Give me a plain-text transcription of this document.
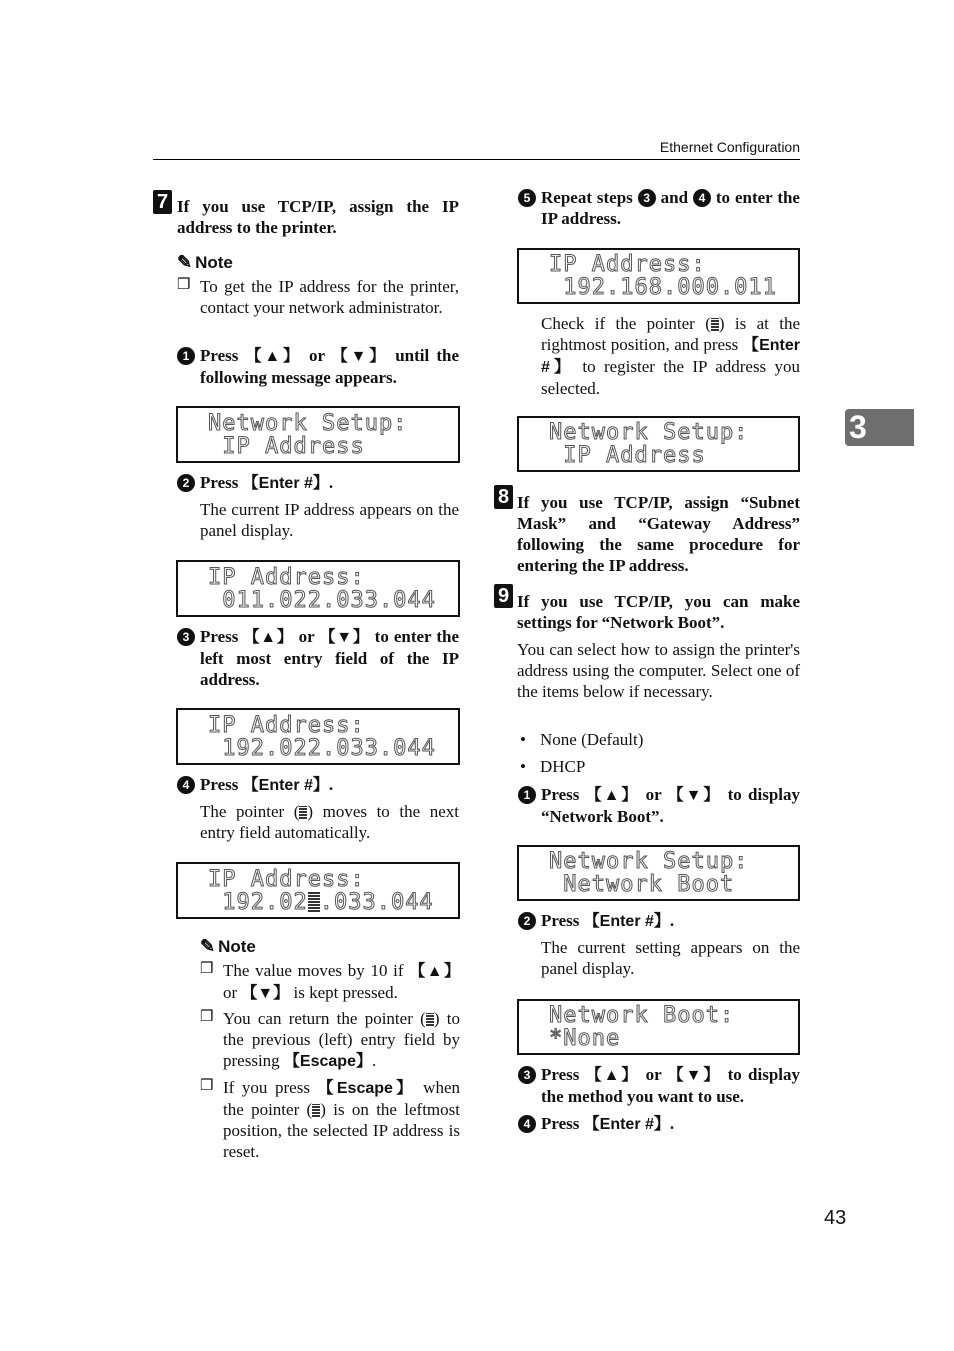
Ethernet Configuration
3
43
7 If you use TCP/IP, assign the IP address to the printer.
✎ Note
❒ To get the IP address for the printer, contact your network administrator.
1 Press 【▲】 or 【▼】 until the following message appears.
Network Setup:
IP Address
2 Press 【Enter #】.
The current IP address appears on the panel display.
IP Address:
011.022.033.044
3 Press 【▲】 or 【▼】 to enter the left most entry field of the IP address.
IP Address:
192.022.033.044
4 Press 【Enter #】.
The pointer ( ) moves to the next entry field automatically.
IP Address:
192.02 .033.044
✎ Note
❒ The value moves by 10 if 【▲】 or 【▼】 is kept pressed.
❒ You can return the pointer ( ) to the previous (left) entry field by pressing 【Escape】.
❒ If you press 【Escape】 when the pointer ( ) is on the leftmost position, the selected IP address is reset.
5 Repeat steps 3 and 4 to enter the IP address.
IP Address:
192.168.000.011
Check if the pointer ( ) is at the rightmost position, and press 【Enter #】 to register the IP address you selected.
Network Setup:
IP Address
8 If you use TCP/IP, assign “Subnet Mask” and “Gateway Address” following the same procedure for entering the IP address.
9 If you use TCP/IP, you can make settings for “Network Boot”.
You can select how to assign the printer's address using the computer. Select one of the items below if necessary.
• None (Default)
• DHCP
1 Press 【▲】 or 【▼】 to display “Network Boot”.
Network Setup:
Network Boot
2 Press 【Enter #】.
The current setting appears on the panel display.
Network Boot:
*None
3 Press 【▲】 or 【▼】 to display the method you want to use.
4 Press 【Enter #】.
